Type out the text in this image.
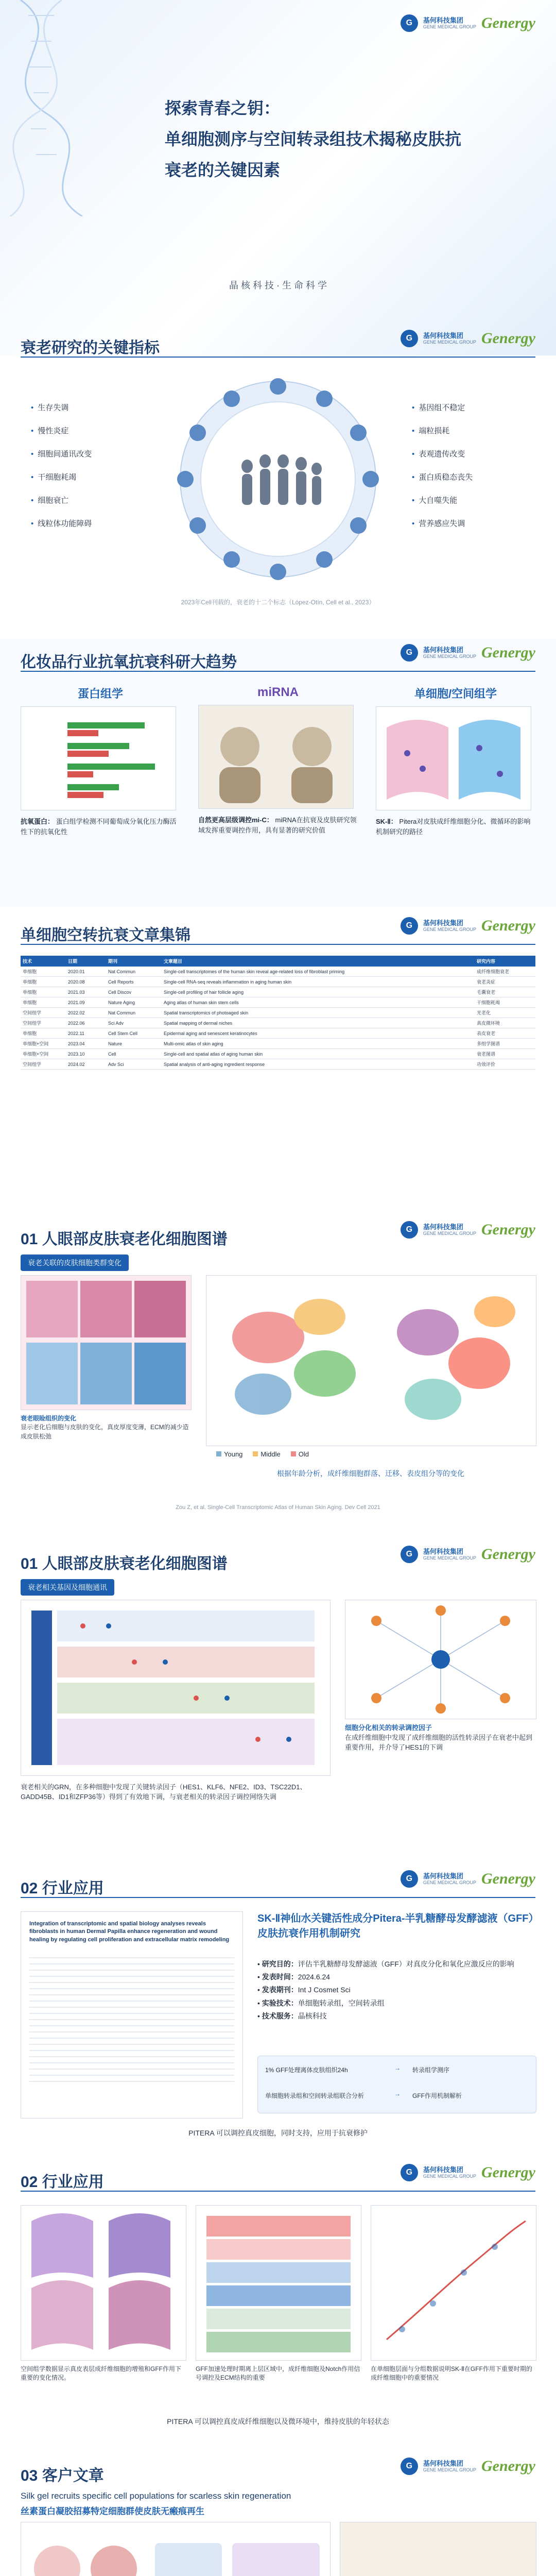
G	基何科技集团
GENE MEDICAL GROUP Genergy
探索青春之钥：
单细胞测序与空间转录组技术揭秘皮肤抗
衰老的关键因素
晶 核 科 技 · 生 命 科 学
G	基何科技集团
GENE MEDICAL GROUP Genergy
衰老研究的关键指标
• 生存失调
• 慢性炎症
• 细胞间通讯改变
• 干细胞耗竭
• 细胞衰亡
• 线粒体功能障碍
• 基因组不稳定
• 端粒损耗
• 表观遗传改变
• 蛋白质稳态丧失
• 大自噬失能
• 营养感应失调
2023年Cell刊载的，衰老的十二个标志（López-Otín, Cell et al., 2023）
G	基何科技集团
GENE MEDICAL GROUP Genergy
化妆品行业抗氧抗衰科研大趋势
蛋白组学
抗氧蛋白： 蛋白组学检测不同葡萄成分氧化压力酶活性下的抗氧化性
miRNA
自然更高层级调控mi-C： miRNA在抗衰及皮肤研究领域发挥重要调控作用，具有显著的研究价值
单细胞/空间组学
SK-Ⅱ： Pitera对皮肤成纤维细胞分化、微循环的影响机制研究的路径
G	基何科技集团
GENE MEDICAL GROUP Genergy
单细胞空转抗衰文章集锦
技术	日期	期刊	文章题目	研究内容
单细胞	2020.01	Nat Commun	Single-cell transcriptomes of the human skin reveal age-related loss of fibroblast priming	成纤维细胞衰老
单细胞	2020.08	Cell Reports	Single-cell RNA-seq reveals inflammation in aging human skin	衰老炎症
单细胞	2021.03	Cell Discov	Single-cell profiling of hair follicle aging	毛囊衰老
单细胞	2021.09	Nature Aging	Aging atlas of human skin stem cells	干细胞耗竭
空间组学	2022.02	Nat Commun	Spatial transcriptomics of photoaged skin	光老化
空间组学	2022.06	Sci Adv	Spatial mapping of dermal niches	真皮微环境
单细胞	2022.11	Cell Stem Cell	Epidermal aging and senescent keratinocytes	表皮衰老
单细胞+空间	2023.04	Nature	Multi-omic atlas of skin aging	多组学图谱
单细胞+空间	2023.10	Cell	Single-cell and spatial atlas of aging human skin	衰老图谱
空间组学	2024.02	Adv Sci	Spatial analysis of anti-aging ingredient response	功效评价
G	基何科技集团
GENE MEDICAL GROUP Genergy
01 人眼部皮肤衰老化细胞图谱
衰老关联的皮肤细胞类群变化
衰老眼睑组织的变化
显示老化后细胞与皮肤的变化，真皮厚度变薄，ECM的减少造成皮肤松弛
Young	Middle	Old
根据年龄分析，成纤维细胞群落、迁移、表皮组分等的变化
Zou Z, et al. Single-Cell Transcriptomic Atlas of Human Skin Aging. Dev Cell 2021
G	基何科技集团
GENE MEDICAL GROUP Genergy
01 人眼部皮肤衰老化细胞图谱
衰老相关基因及细胞通讯
细胞分化相关的转录调控因子
在成纤维细胞中发现了成纤维细胞的活性转录因子在衰老中起到重要作用，并介导了HES1的下调
衰老相关的GRN，在多种细胞中发现了关键转录因子（HES1、KLF6、NFE2、ID3、TSC22D1、GADD45B、ID1和ZFP36等）得到了有效地下调，与衰老相关的转录因子调控网络失调
G	基何科技集团
GENE MEDICAL GROUP Genergy
02 行业应用
Integration of transcriptomic and spatial biology analyses reveals fibroblasts in human Dermal Papilla enhance regeneration and wound healing by regulating cell proliferation and extracellular matrix remodeling
SK-Ⅱ神仙水关键活性成分Pitera-半乳糖酵母发酵滤液（GFF）皮肤抗衰作用机制研究
• 研究目的：评估半乳糖酵母发酵滤液（GFF）对真皮分化和氧化应激反应的影响
• 发表时间：2024.6.24
• 发表期刊：Int J Cosmet Sci
• 实验技术：单细胞转录组，空间转录组
• 技术服务：晶核科技
1% GFF处理离体皮肤组织24h	→ 转录组学测序
单细胞转录组和空间转录组联合分析	→ GFF作用机制解析
PITERA 可以调控真皮细胞，同时支持，应用于抗衰修护
G	基何科技集团
GENE MEDICAL GROUP Genergy
02 行业应用
空间组学数据显示真皮表层成纤维细胞的增殖和GFF作用下重要的变化情况。
GFF加速处理时期离上层区域中，成纤维细胞及Notch作用信号调控及ECM结构的重要
在单细胞层面与分组数据说明SK-Ⅱ在GFF作用下重要时期的成纤维细胞中的重要情况
PITERA 可以调控真皮成纤维细胞以及微环境中，维持皮肤的年轻状态
G	基何科技集团
GENE MEDICAL GROUP Genergy
03 客户文章
Silk gel recruits specific cell populations for scarless skin regeneration
丝素蛋白凝胶招募特定细胞群使皮肤无瘢痕再生
